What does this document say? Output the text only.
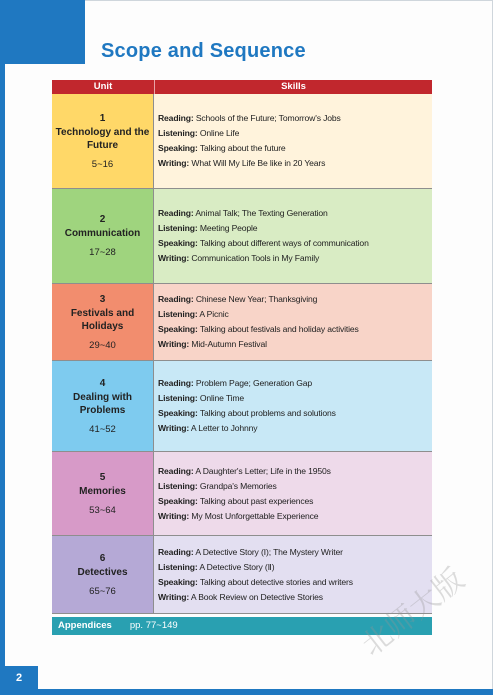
2
Scope and Sequence
Unit	Skills
1
Technology and the Future
5~16
Reading: Schools of the Future; Tomorrow's Jobs
Listening: Online Life
Speaking: Talking about the future
Writing: What Will My Life Be like in 20 Years
2
Communication
17~28
Reading: Animal Talk; The Texting Generation
Listening: Meeting People
Speaking: Talking about different ways of communication
Writing: Communication Tools in My Family
3
Festivals and Holidays
29~40
Reading: Chinese New Year; Thanksgiving
Listening: A Picnic
Speaking: Talking about festivals and holiday activities
Writing: Mid-Autumn Festival
4
Dealing with Problems
41~52
Reading: Problem Page; Generation Gap
Listening: Online Time
Speaking: Talking about problems and solutions
Writing: A Letter to Johnny
5
Memories
53~64
Reading: A Daughter's Letter; Life in the 1950s
Listening: Grandpa's Memories
Speaking: Talking about past experiences
Writing: My Most Unforgettable Experience
6
Detectives
65~76
Reading: A Detective Story (Ⅰ); The Mystery Writer
Listening: A Detective Story (Ⅱ)
Speaking: Talking about detective stories and writers
Writing: A Book Review on Detective Stories
Appendices pp. 77~149	北师大版
